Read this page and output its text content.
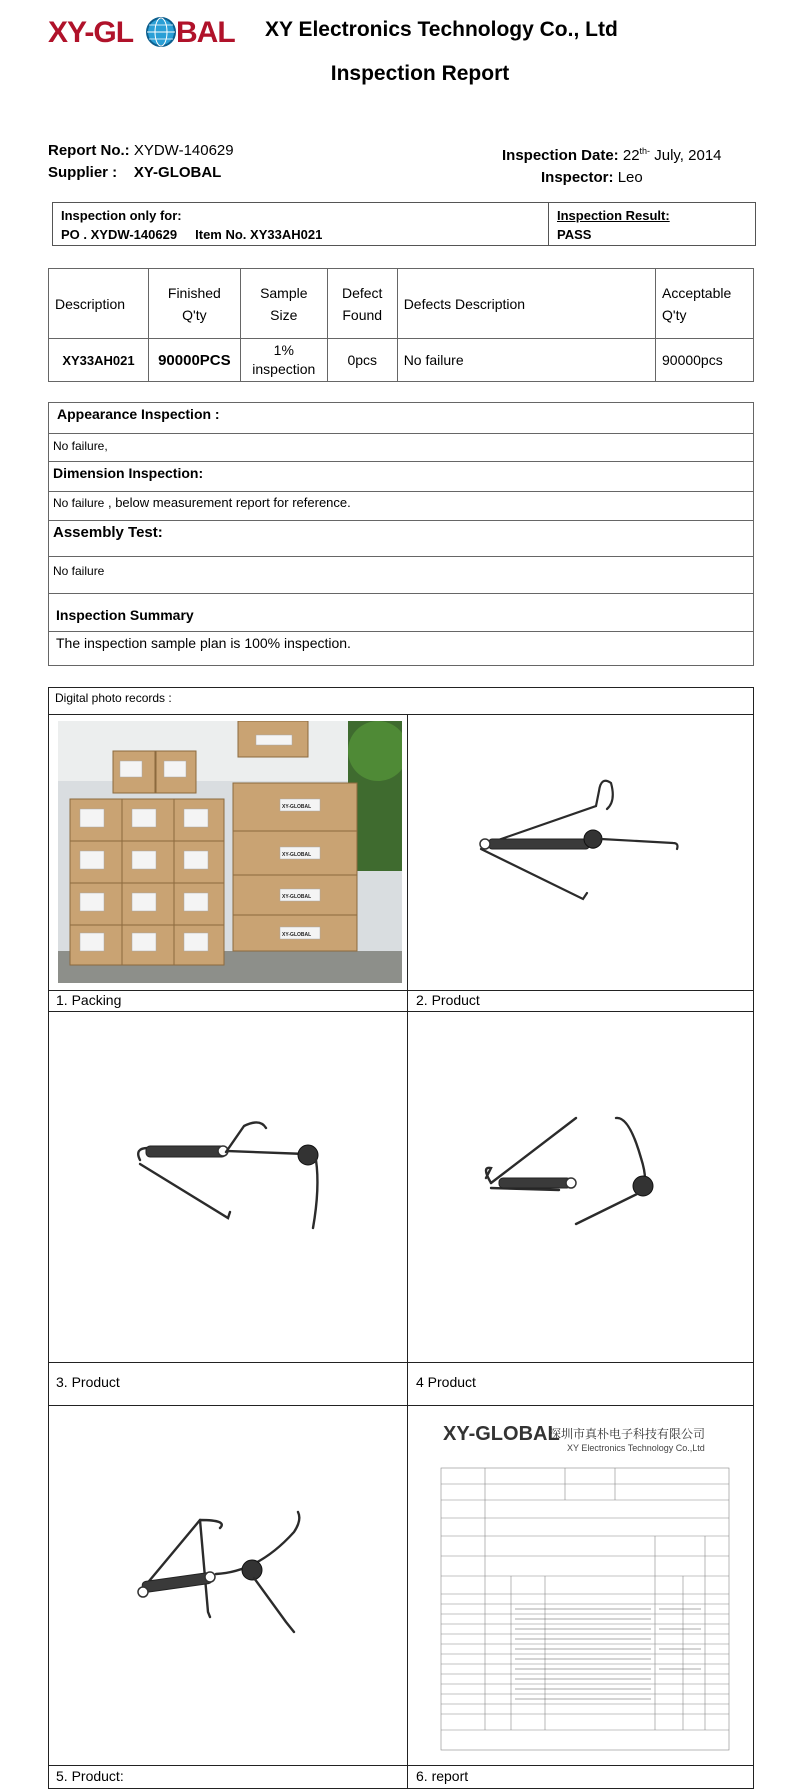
XY-GL BAL XY Electronics Technology Co., Ltd
Inspection Report
Report No.: XYDW-140629
Supplier : XY-GLOBAL
Inspection Date: $22^{th-}$ July, 2014
Inspector: Leo
Inspection only for:
PO . XYDW-140629 Item No. XY33AH021
Inspection Result:
PASS
Description	Finished Q'ty	Sample Size	Defect Found	Defects Description	Acceptable Q'ty

XY33AH021	90000PCS	1% inspection	0pcs	No failure	90000pcs
Appearance Inspection :
No failure,
Dimension Inspection:
No failure , below measurement report for reference.
Assembly Test:
No failure
Inspection Summary
The inspection sample plan is 100% inspection.
Digital photo records :
1. Packing	2. Product
3. Product	4 Product
5. Product:	6. report
XY-GLOBAL
XY-GLOBAL
XY-GLOBAL
XY-GLOBAL
XY-GLOBAL
深圳市真朴电子科技有限公司
XY Electronics Technology Co.,Ltd
